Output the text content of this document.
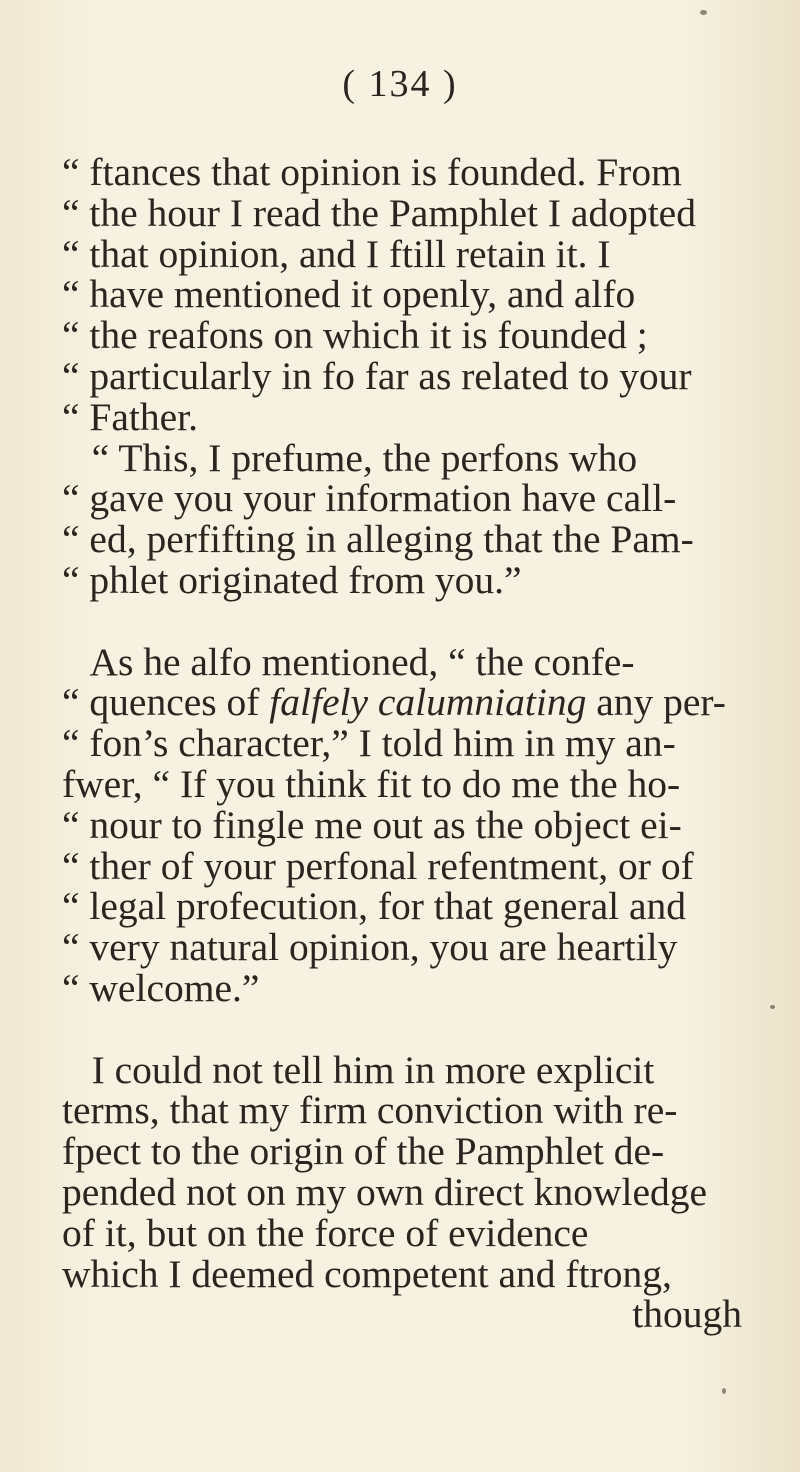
( 134 )
“ ftances that opinion is founded. From
“ the hour I read the Pamphlet I adopted
“ that opinion, and I ftill retain it. I
“ have mentioned it openly, and alfo
“ the reafons on which it is founded ;
“ particularly in fo far as related to your
“ Father.
“ This, I prefume, the perfons who
“ gave you your information have call-
“ ed, perfifting in alleging that the Pam-
“ phlet originated from you.”
As he alfo mentioned, “ the confe-
“ quences of falfely calumniating any per-
“ fon’s character,” I told him in my an-
fwer, “ If you think fit to do me the ho-
“ nour to fingle me out as the object ei-
“ ther of your perfonal refentment, or of
“ legal profecution, for that general and
“ very natural opinion, you are heartily
“ welcome.”
I could not tell him in more explicit
terms, that my firm conviction with re-
fpect to the origin of the Pamphlet de-
pended not on my own direct knowledge
of it, but on the force of evidence
which I deemed competent and ftrong,
though
